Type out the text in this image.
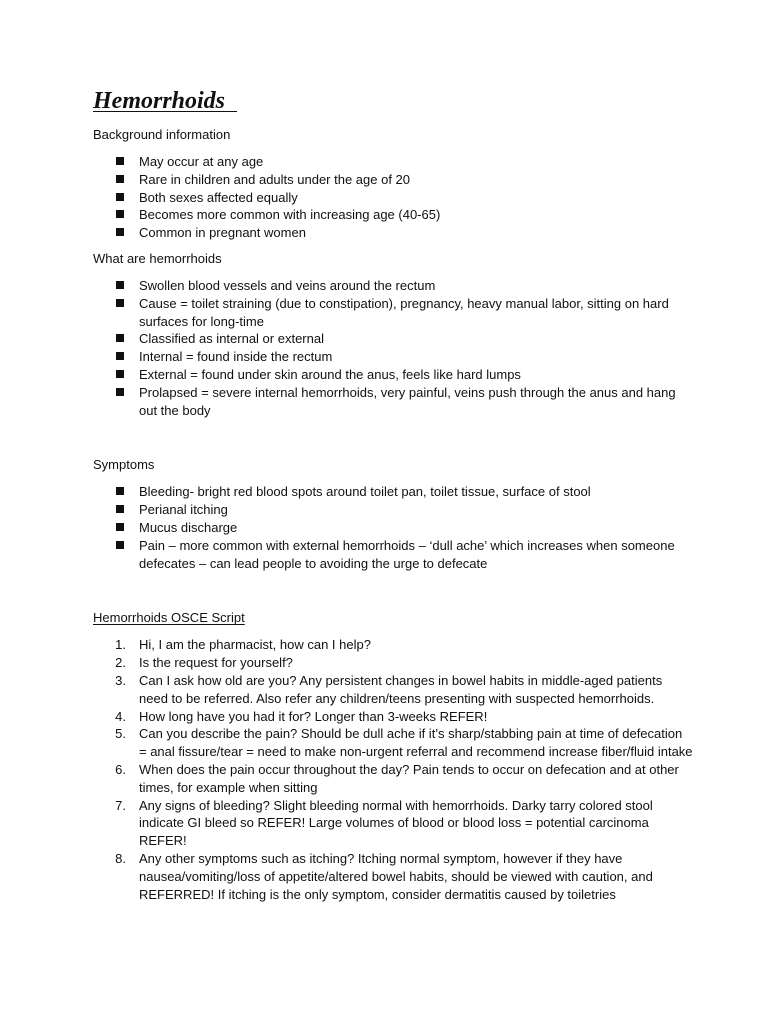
Hemorrhoids

Background information

May occur at any age
Rare in children and adults under the age of 20
Both sexes affected equally
Becomes more common with increasing age (40-65)
Common in pregnant women

What are hemorrhoids

Swollen blood vessels and veins around the rectum
Cause = toilet straining (due to constipation), pregnancy, heavy manual labor, sitting on hard surfaces for long-time
Classified as internal or external
Internal = found inside the rectum
External = found under skin around the anus, feels like hard lumps
Prolapsed = severe internal hemorrhoids, very painful, veins push through the anus and hang out the body

Symptoms

Bleeding- bright red blood spots around toilet pan, toilet tissue, surface of stool
Perianal itching
Mucus discharge
Pain – more common with external hemorrhoids – ‘dull ache’ which increases when someone defecates – can lead people to avoiding the urge to defecate

Hemorrhoids OSCE Script

1. Hi, I am the pharmacist, how can I help?
2. Is the request for yourself?
3. Can I ask how old are you? Any persistent changes in bowel habits in middle-aged patients need to be referred. Also refer any children/teens presenting with suspected hemorrhoids.
4. How long have you had it for? Longer than 3-weeks REFER!
5. Can you describe the pain? Should be dull ache if it’s sharp/stabbing pain at time of defecation = anal fissure/tear = need to make non-urgent referral and recommend increase fiber/fluid intake
6. When does the pain occur throughout the day? Pain tends to occur on defecation and at other times, for example when sitting
7. Any signs of bleeding? Slight bleeding normal with hemorrhoids. Darky tarry colored stool indicate GI bleed so REFER! Large volumes of blood or blood loss = potential carcinoma REFER!
8. Any other symptoms such as itching? Itching normal symptom, however if they have nausea/vomiting/loss of appetite/altered bowel habits, should be viewed with caution, and REFERRED! If itching is the only symptom, consider dermatitis caused by toiletries
